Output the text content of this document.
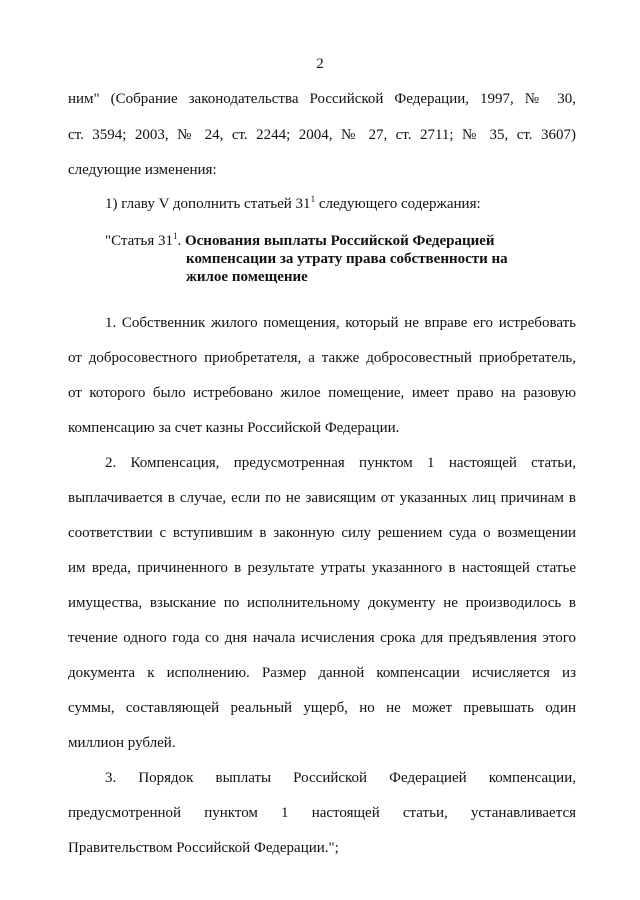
2
ним" (Собрание законодательства Российской Федерации, 1997, № 30,
ст. 3594; 2003, № 24, ст. 2244; 2004, № 27, ст. 2711; № 35, ст. 3607)
следующие изменения:
1) главу V дополнить статьей $31^1$ следующего содержания:
"Статья $31^1$. Основания выплаты Российской Федерацией
компенсации за утрату права собственности на
жилое помещение
1. Собственник жилого помещения, который не вправе его истребовать
от добросовестного приобретателя, а также добросовестный приобретатель,
от которого было истребовано жилое помещение, имеет право на разовую
компенсацию за счет казны Российской Федерации.
2. Компенсация, предусмотренная пунктом 1 настоящей статьи,
выплачивается в случае, если по не зависящим от указанных лиц причинам в
соответствии с вступившим в законную силу решением суда о возмещении
им вреда, причиненного в результате утраты указанного в настоящей статье
имущества, взыскание по исполнительному документу не производилось в
течение одного года со дня начала исчисления срока для предъявления этого
документа к исполнению. Размер данной компенсации исчисляется из
суммы, составляющей реальный ущерб, но не может превышать один
миллион рублей.
3. Порядок выплаты Российской Федерацией компенсации,
предусмотренной пунктом 1 настоящей статьи, устанавливается
Правительством Российской Федерации.";
